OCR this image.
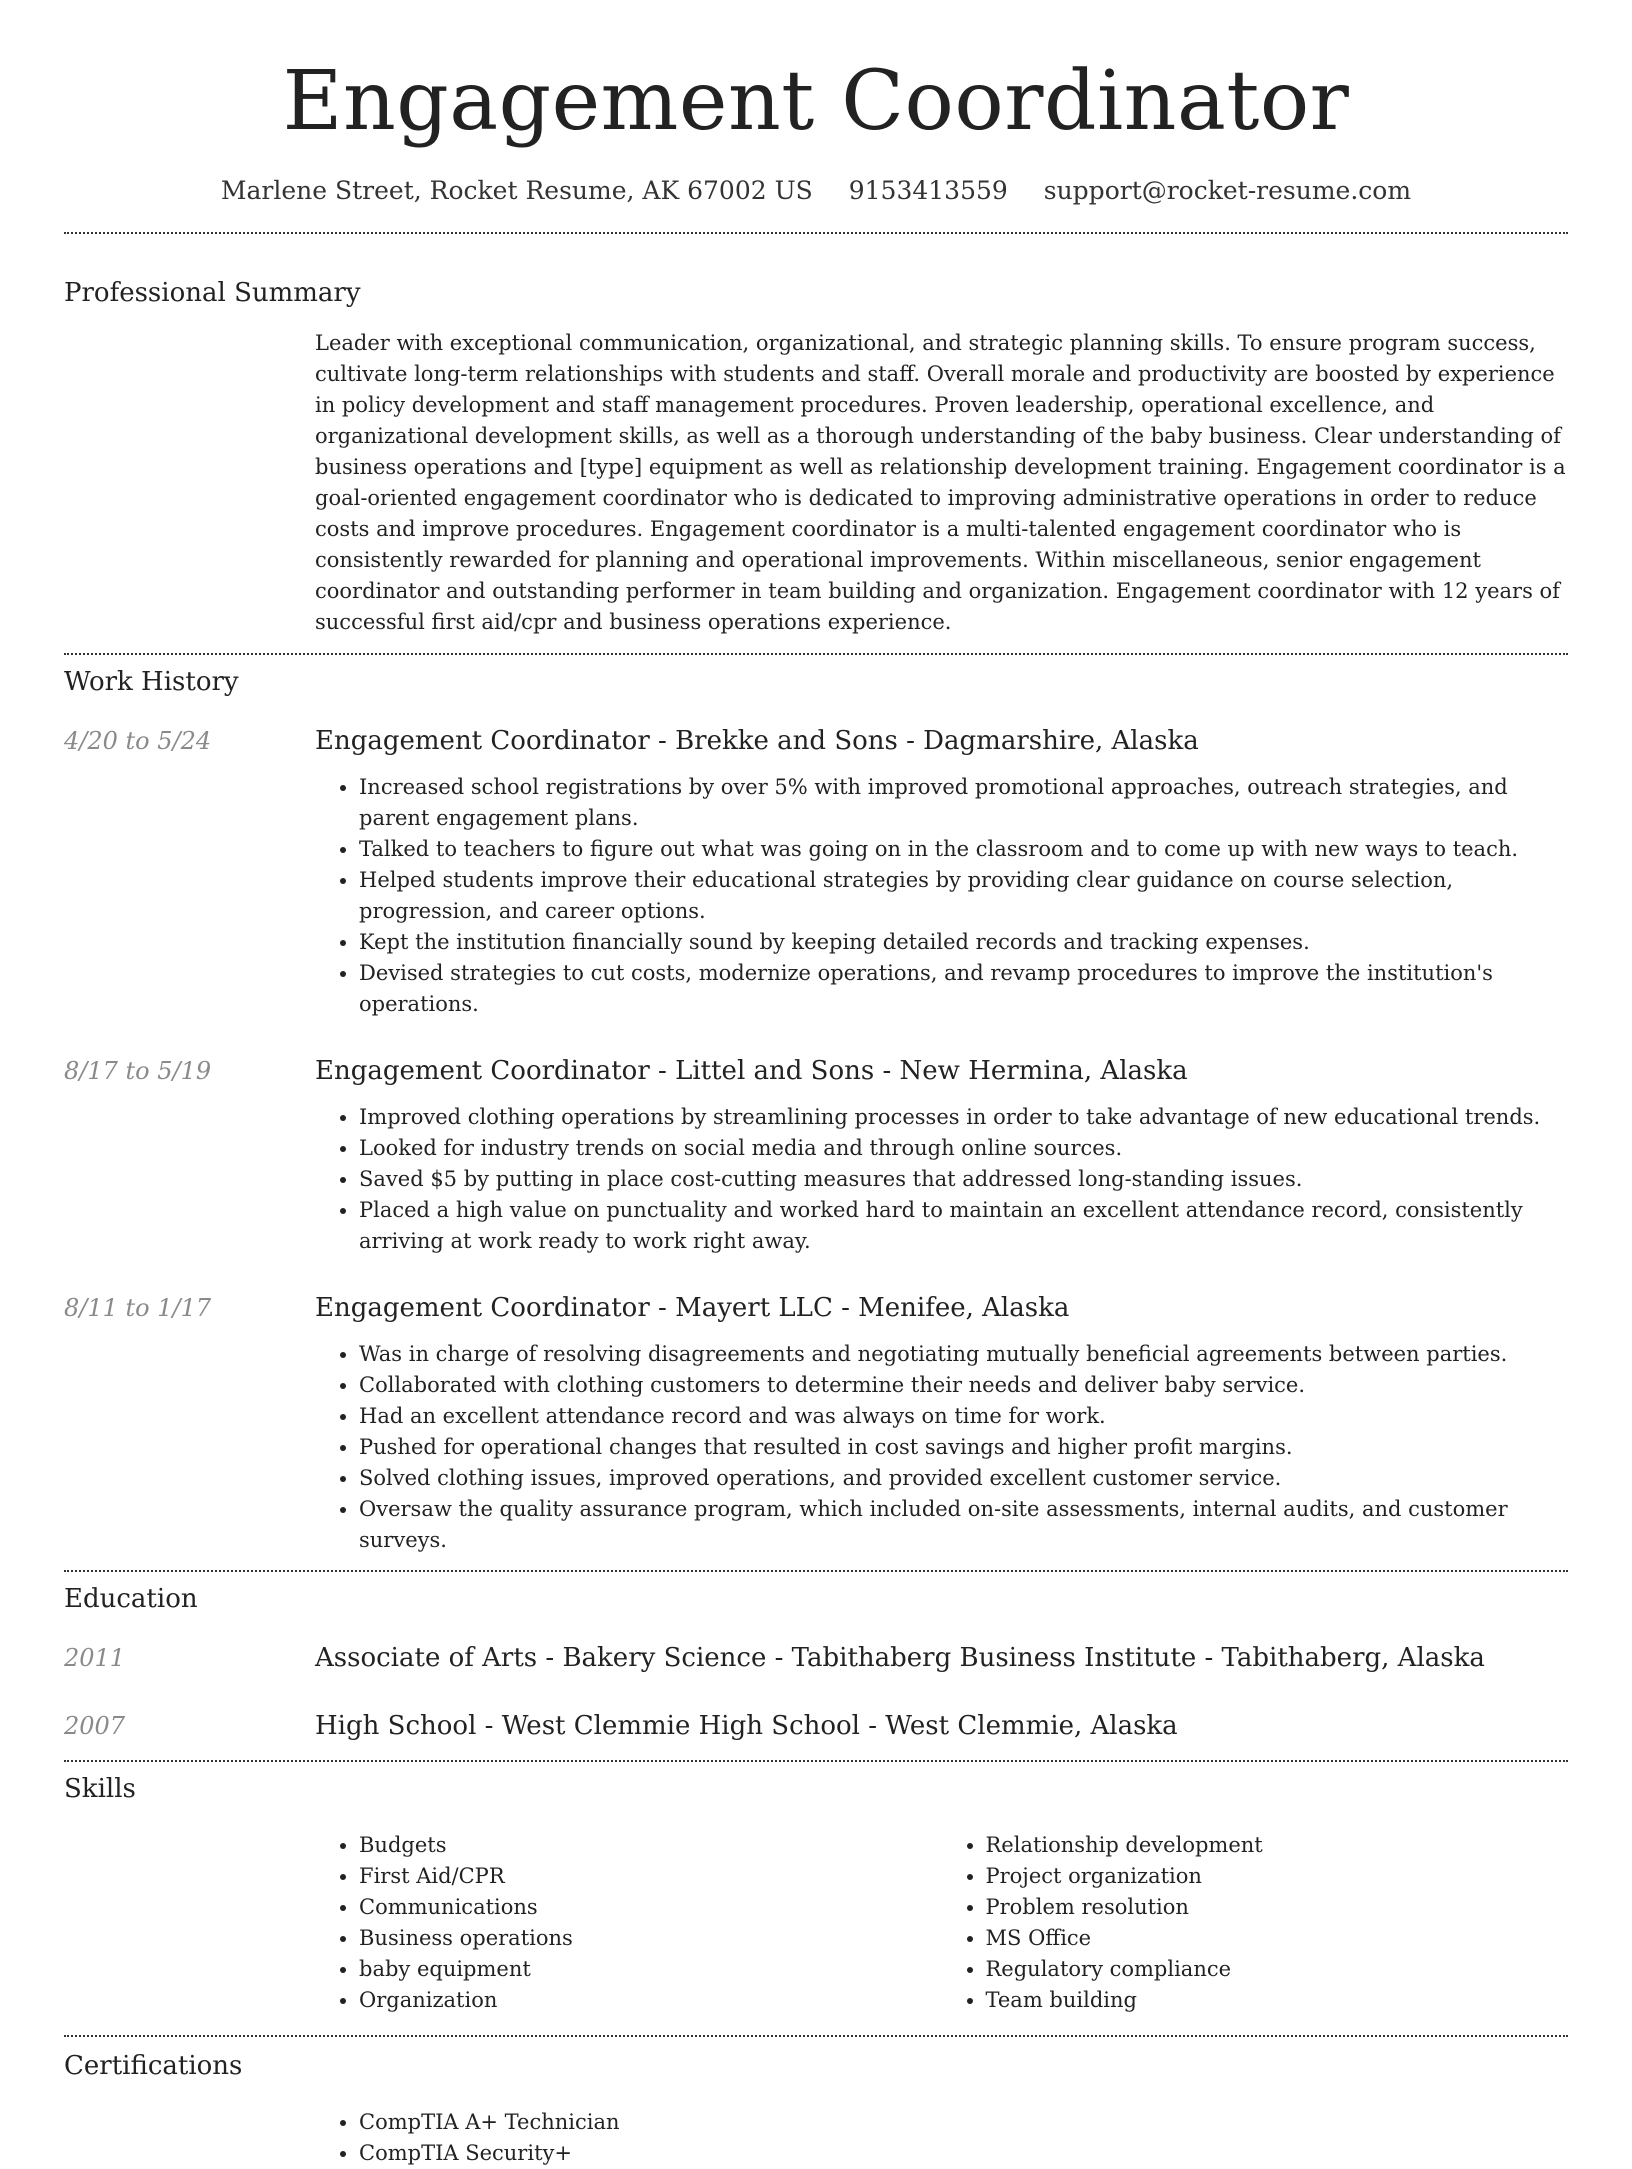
Engagement Coordinator
Marlene Street, Rocket Resume, AK 67002 US 9153413559 support@rocket-resume.com
Professional Summary

Leader with exceptional communication, organizational, and strategic planning skills. To ensure program success, cultivate long-term relationships with students and staff. Overall morale and productivity are boosted by experience in policy development and staff management procedures. Proven leadership, operational excellence, and organizational development skills, as well as a thorough understanding of the baby business. Clear understanding of business operations and [type] equipment as well as relationship development training. Engagement coordinator is a goal-oriented engagement coordinator who is dedicated to improving administrative operations in order to reduce costs and improve procedures. Engagement coordinator is a multi-talented engagement coordinator who is consistently rewarded for planning and operational improvements. Within miscellaneous, senior engagement coordinator and outstanding performer in team building and organization. Engagement coordinator with 12 years of successful first aid/cpr and business operations experience.

Work History
4/20 to 5/24	Engagement Coordinator - Brekke and Sons - Dagmarshire, Alaska
• Increased school registrations by over 5% with improved promotional approaches, outreach strategies, and parent engagement plans.
• Talked to teachers to figure out what was going on in the classroom and to come up with new ways to teach.
• Helped students improve their educational strategies by providing clear guidance on course selection, progression, and career options.
• Kept the institution financially sound by keeping detailed records and tracking expenses.
• Devised strategies to cut costs, modernize operations, and revamp procedures to improve the institution's operations.
8/17 to 5/19	Engagement Coordinator - Littel and Sons - New Hermina, Alaska
• Improved clothing operations by streamlining processes in order to take advantage of new educational trends.
• Looked for industry trends on social media and through online sources.
• Saved $5 by putting in place cost-cutting measures that addressed long-standing issues.
• Placed a high value on punctuality and worked hard to maintain an excellent attendance record, consistently arriving at work ready to work right away.
8/11 to 1/17	Engagement Coordinator - Mayert LLC - Menifee, Alaska
• Was in charge of resolving disagreements and negotiating mutually beneficial agreements between parties.
• Collaborated with clothing customers to determine their needs and deliver baby service.
• Had an excellent attendance record and was always on time for work.
• Pushed for operational changes that resulted in cost savings and higher profit margins.
• Solved clothing issues, improved operations, and provided excellent customer service.
• Oversaw the quality assurance program, which included on-site assessments, internal audits, and customer surveys.
Education
2011	Associate of Arts - Bakery Science - Tabithaberg Business Institute - Tabithaberg, Alaska
2007	High School - West Clemmie High School - West Clemmie, Alaska
Skills
• Budgets
• First Aid/CPR
• Communications
• Business operations
• baby equipment
• Organization
• Relationship development
• Project organization
• Problem resolution
• MS Office
• Regulatory compliance
• Team building
Certifications
• CompTIA A+ Technician
• CompTIA Security+
